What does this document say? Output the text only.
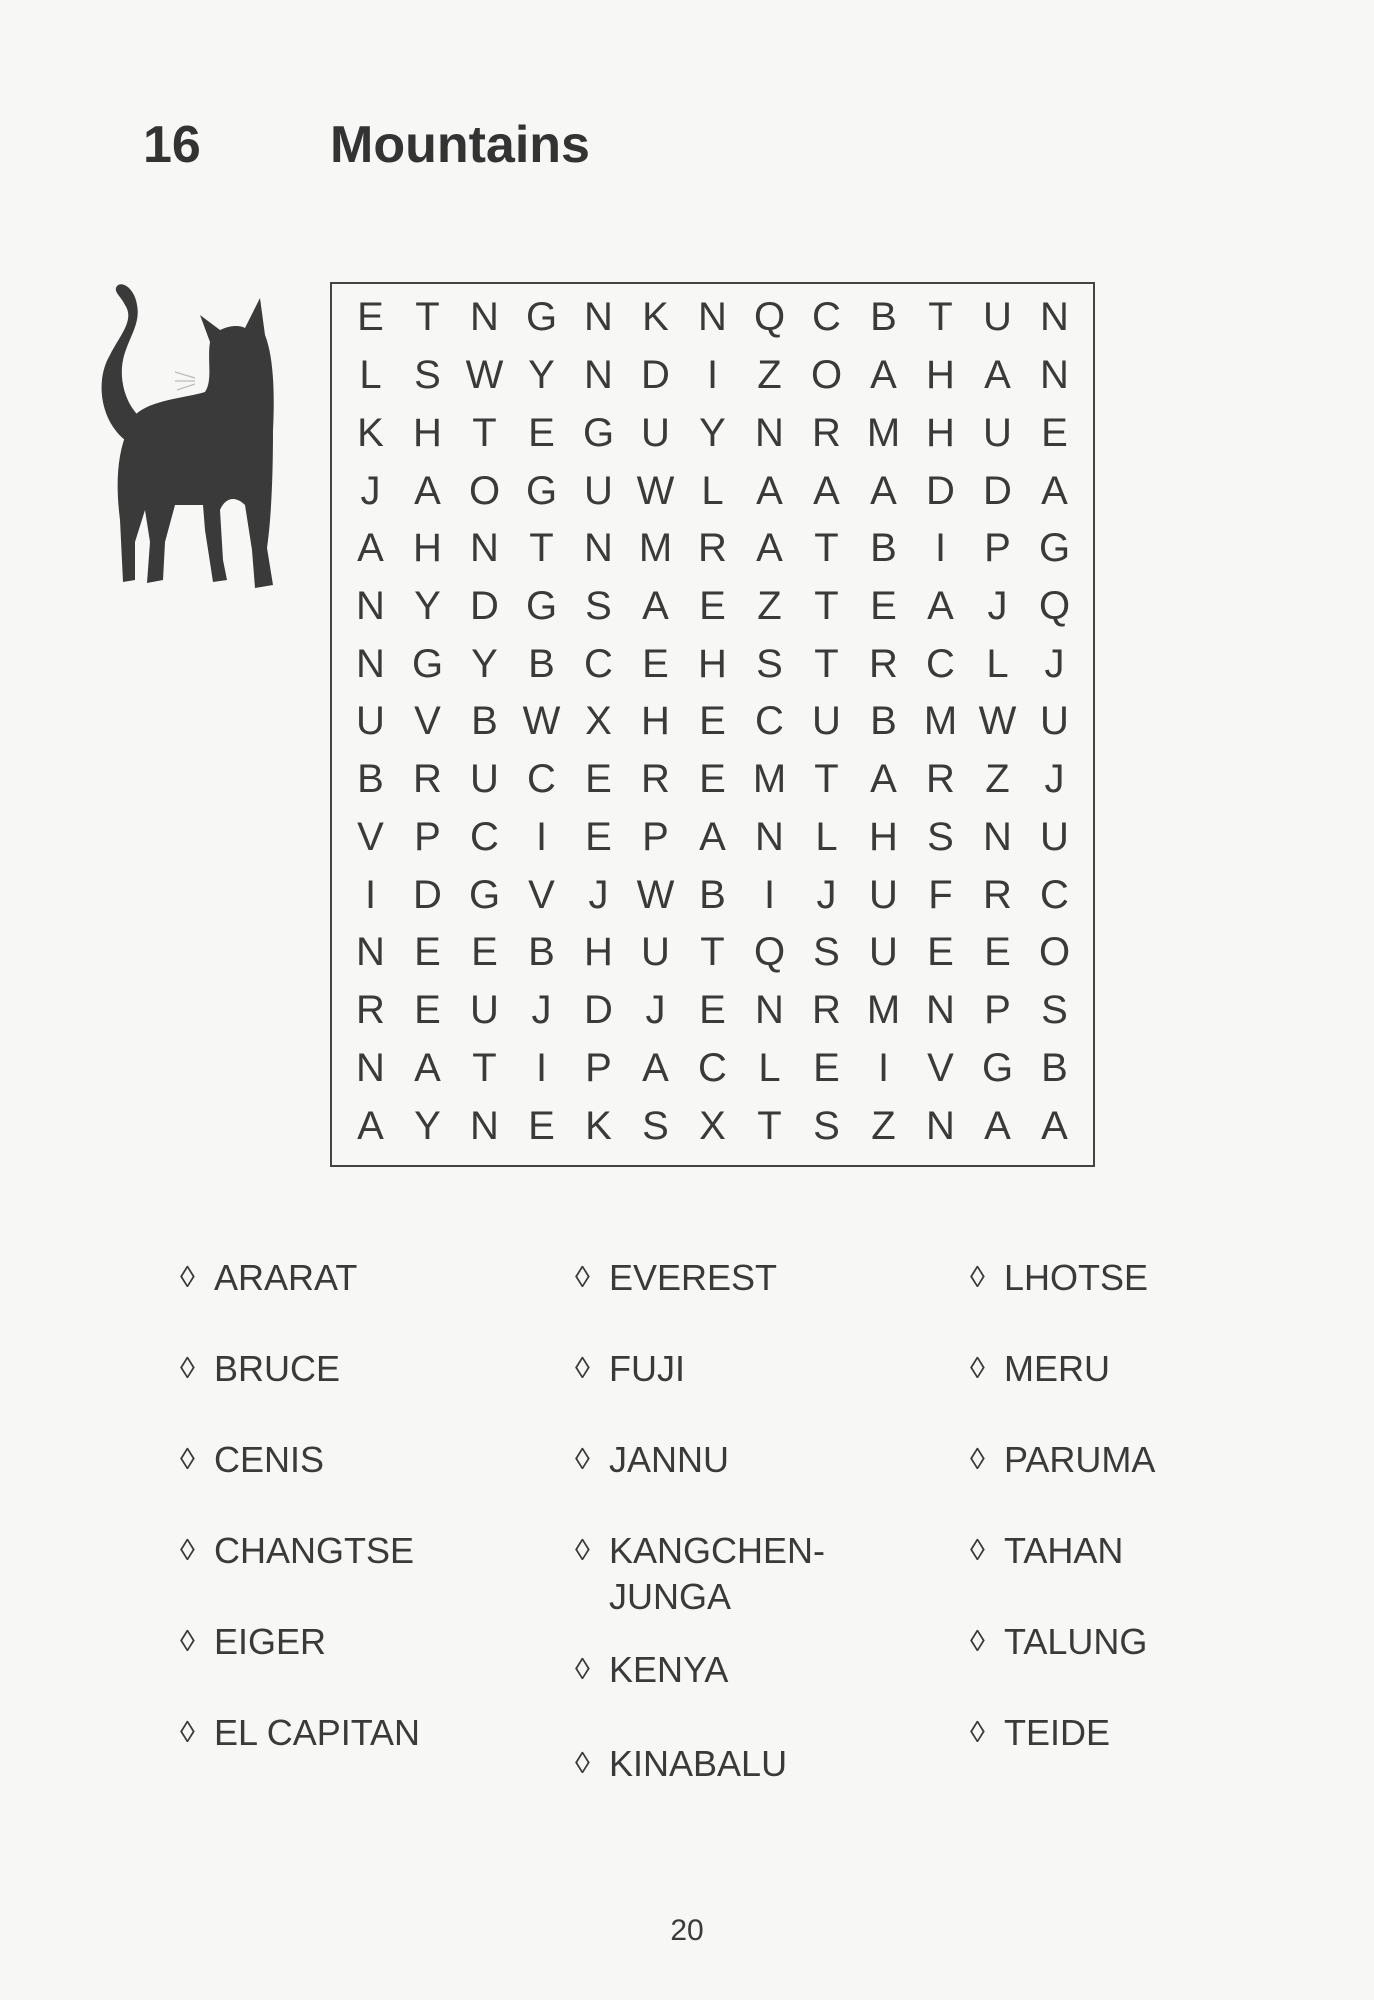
16 Mountains
E T N G N K N Q C B T U N
L S W Y N D I Z O A H A N
K H T E G U Y N R M H U E
J A O G U W L A A A D D A
A H N T N M R A T B I P G
N Y D G S A E Z T E A J Q
N G Y B C E H S T R C L J
U V B W X H E C U B M W U
B R U C E R E M T A R Z J
V P C I E P A N L H S N U
I D G V J W B I	J U F R C
N E E B H U T Q S U E E O
R E U J D J E N R M N P S
N A T I P A C L E I V G B
A Y N E K S X T S Z N A A
◊ ARARAT
◊ BRUCE
◊ CENIS
◊ CHANGTSE
◊ EIGER
◊ EL CAPITAN
◊ EVEREST
◊ FUJI
◊ JANNU
◊ KANGCHEN-
JUNGA
◊ KENYA
◊ KINABALU
◊ LHOTSE
◊ MERU
◊ PARUMA
◊ TAHAN
◊ TALUNG
◊ TEIDE
20
